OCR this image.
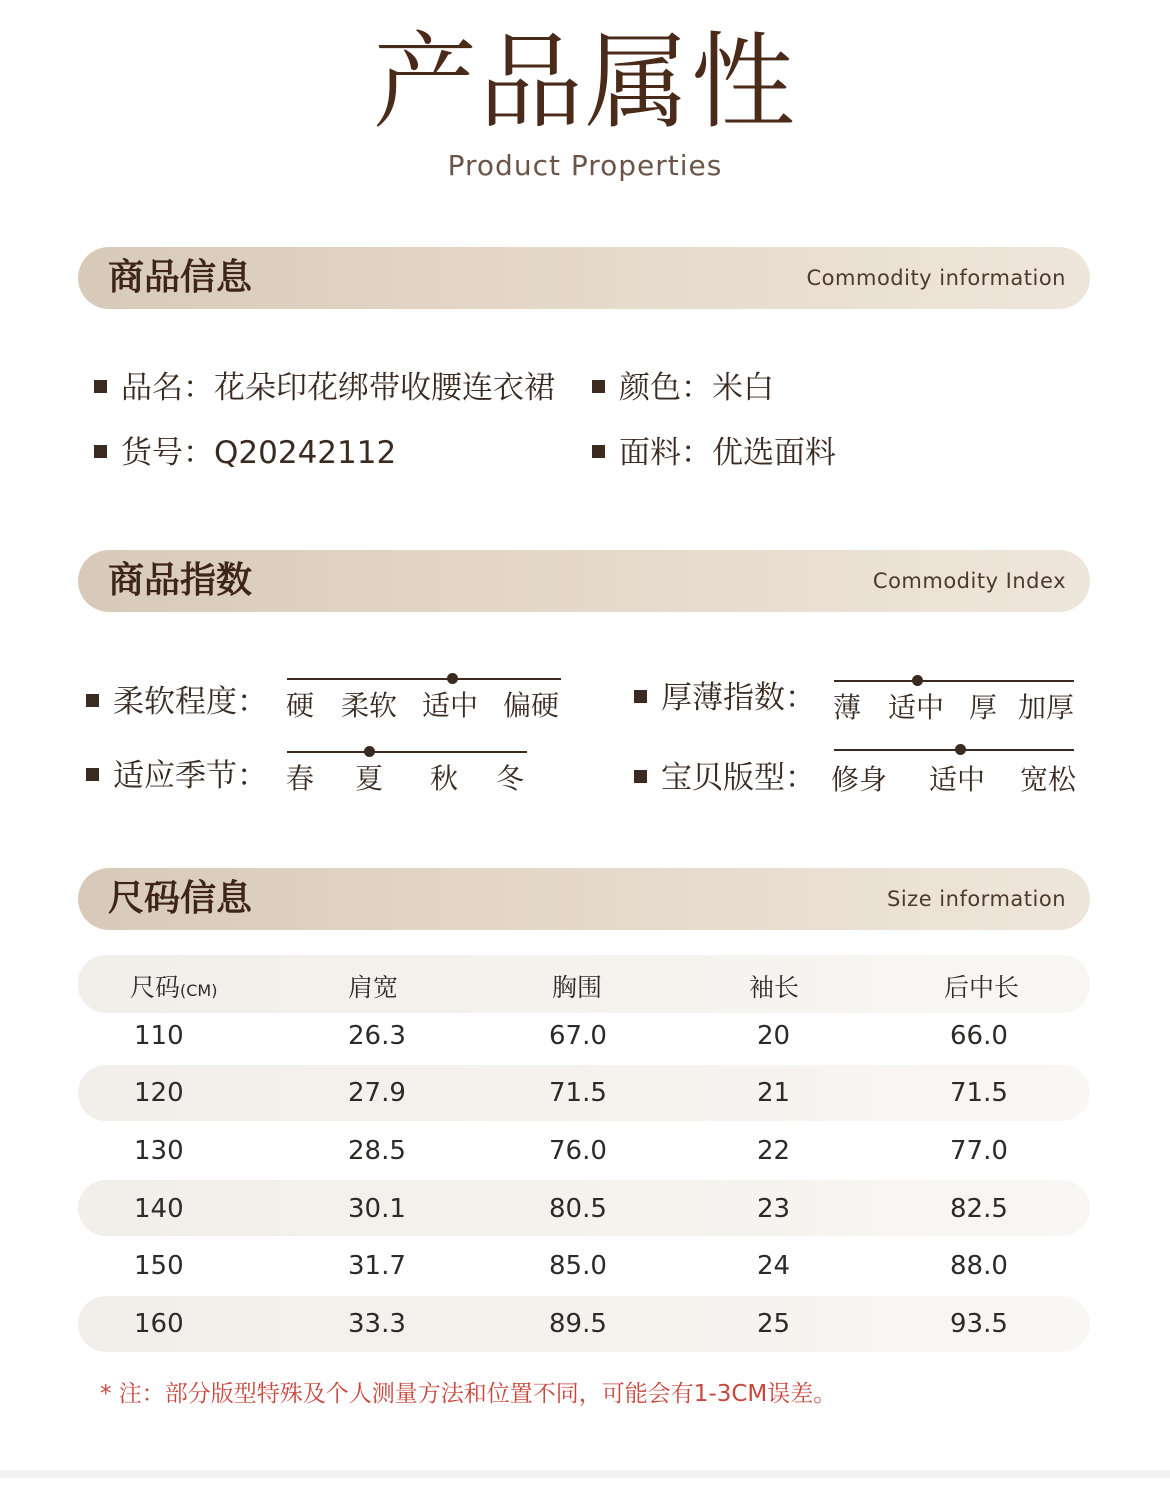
产品属性
Product Properties
商品信息	Commodity information
品名：花朵印花绑带收腰连衣裙	颜色：米白
货号：Q20242112	面料：优选面料
商品指数	Commodity Index
柔软程度： 硬 柔软 适中 偏硬	厚薄指数： 薄 适中 厚 加厚
适应季节： 春 夏 秋 冬	宝贝版型： 修身 适中 宽松
尺码信息	Size information
尺码(CM)	肩宽	胸围	袖长	后中长
110	26.3	67.0	20	66.0
120	27.9	71.5	21	71.5
130	28.5	76.0	22	77.0
140	30.1	80.5	23	82.5
150	31.7	85.0	24	88.0
160	33.3	89.5	25	93.5
* 注：部分版型特殊及个人测量方法和位置不同，可能会有1-3CM误差。
